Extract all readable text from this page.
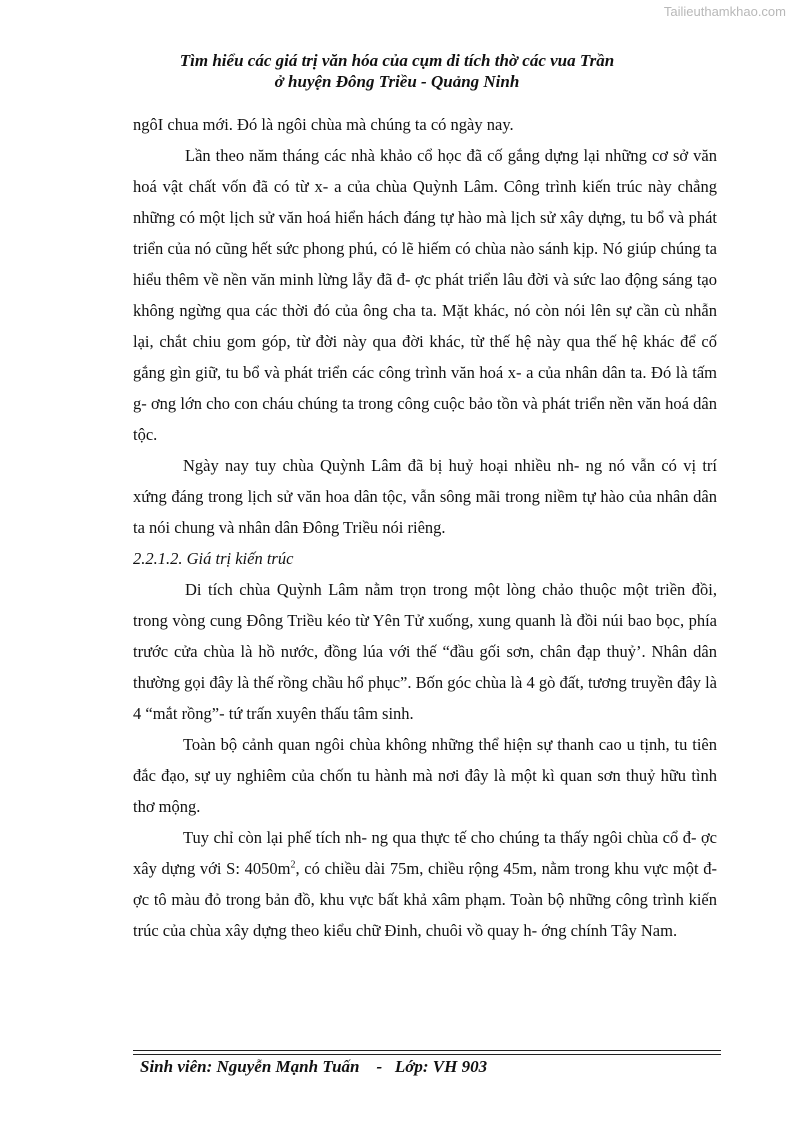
Tailieuthamkhao.com
Tìm hiểu các giá trị văn hóa của cụm di tích thờ các vua Trần
ở huyện Đông Triều - Quảng Ninh

ngôI chua mới. Đó là ngôi chùa mà chúng ta có ngày nay.

Lần theo năm tháng các nhà khảo cổ học đã cố gắng dựng lại những cơ sở văn hoá vật chất vốn đã có từ x- a của chùa Quỳnh Lâm. Công trình kiến trúc này chẳng những có một lịch sử văn hoá hiển hách đáng tự hào mà lịch sử xây dựng, tu bổ và phát triển của nó cũng hết sức phong phú, có lẽ hiếm có chùa nào sánh kịp. Nó giúp chúng ta hiểu thêm về nền văn minh lừng lẫy đã đ- ợc phát triển lâu đời và sức lao động sáng tạo không ngừng qua các thời đó của ông cha ta. Mặt khác, nó còn nói lên sự cần cù nhẫn lại, chắt chiu gom góp, từ đời này qua đời khác, từ thế hệ này qua thế hệ khác để cố gắng gìn giữ, tu bổ và phát triển các công trình văn hoá x- a của nhân dân ta. Đó là tấm g- ơng lớn cho con cháu chúng ta trong công cuộc bảo tồn và phát triển nền văn hoá dân tộc.

Ngày nay tuy chùa Quỳnh Lâm đã bị huỷ hoại nhiều nh- ng nó vẫn có vị trí xứng đáng trong lịch sử văn hoa dân tộc, vẫn sông mãi trong niềm tự hào của nhân dân ta nói chung và nhân dân Đông Triều nói riêng.

2.2.1.2. Giá trị kiến trúc

Di tích chùa Quỳnh Lâm nằm trọn trong một lòng chảo thuộc một triền đồi, trong vòng cung Đông Triều kéo từ Yên Tử xuống, xung quanh là đồi núi bao bọc, phía trước cửa chùa là hồ nước, đồng lúa với thế “đầu gối sơn, chân đạp thuỷ’. Nhân dân thường gọi đây là thế rồng chầu hổ phục”. Bốn góc chùa là 4 gò đất, tương truyền đây là 4 “mắt rồng”- tứ trấn xuyên thấu tâm sinh.

Toàn bộ cảnh quan ngôi chùa không những thể hiện sự thanh cao u tịnh, tu tiên đắc đạo, sự uy nghiêm của chốn tu hành mà nơi đây là một kì quan sơn thuỷ hữu tình thơ mộng.

Tuy chỉ còn lại phế tích nh- ng qua thực tế cho chúng ta thấy ngôi chùa cổ đ- ợc xây dựng với S: $4050m^2$, có chiều dài 75m, chiều rộng 45m, nằm trong khu vực một đ- ợc tô màu đỏ trong bản đồ, khu vực bất khả xâm phạm. Toàn bộ những công trình kiến trúc của chùa xây dựng theo kiểu chữ Đinh, chuôi vồ quay h- ớng chính Tây Nam.

Sinh viên: Nguyễn Mạnh Tuấn    -   Lớp: VH 903
